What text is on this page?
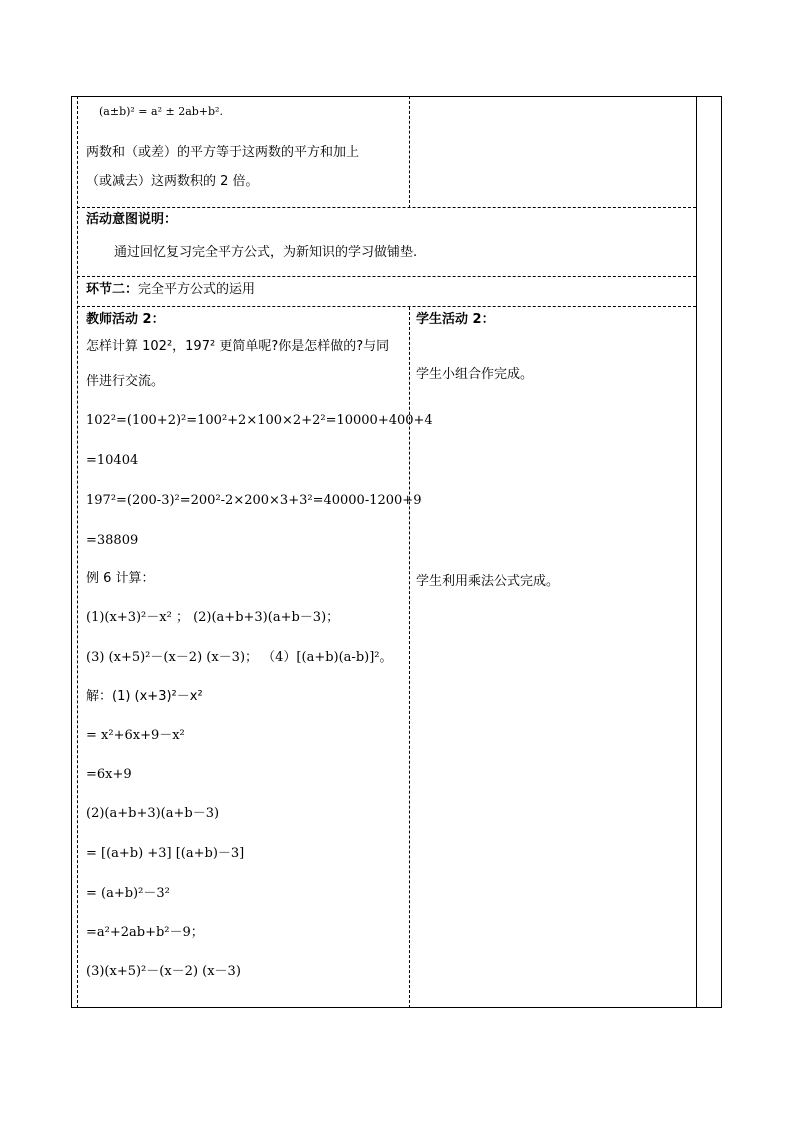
(a±b)² = a² ± 2ab+b².
两数和（或差）的平方等于这两数的平方和加上
（或减去）这两数积的 2 倍。
活动意图说明：
通过回忆复习完全平方公式，为新知识的学习做铺垫.
环节二：完全平方公式的运用
教师活动 2：
怎样计算 102²，197² 更简单呢?你是怎样做的?与同
伴进行交流。
102²=(100+2)²=100²+2×100×2+2²=10000+400+4
=10404
197²=(200-3)²=200²-2×200×3+3²=40000-1200+9
=38809
例 6 计算：
(1)(x+3)²－x² ； (2)(a+b+3)(a+b－3)；
(3) (x+5)²－(x－2) (x－3)； （4）[(a+b)(a-b)]²。
解：(1) (x+3)²－x²
= x²+6x+9－x²
=6x+9
(2)(a+b+3)(a+b－3)
= [(a+b) +3] [(a+b)－3]
= (a+b)²－3²
=a²+2ab+b²－9；
(3)(x+5)²－(x－2) (x－3)
学生活动 2：
学生小组合作完成。
学生利用乘法公式完成。
